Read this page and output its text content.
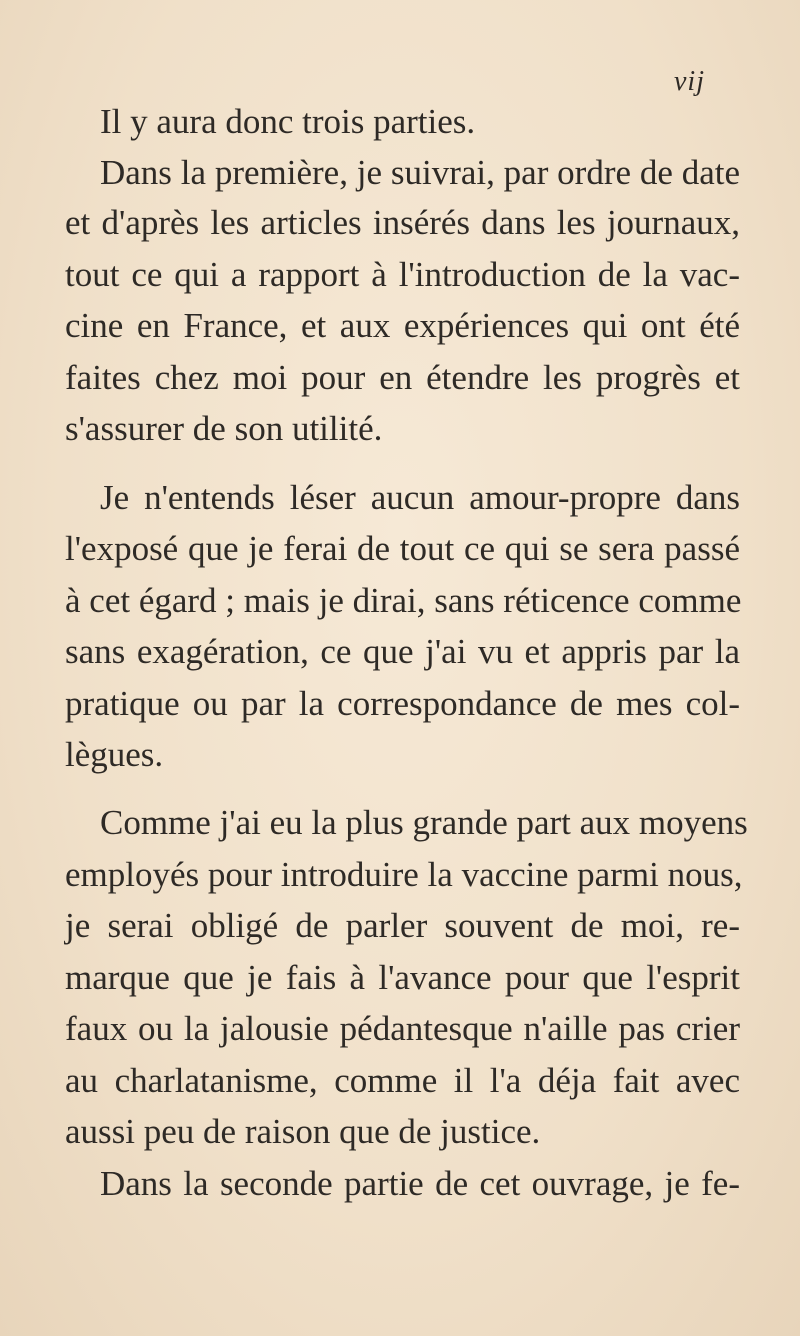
vij
Il y aura donc trois parties.
Dans la première, je suivrai, par ordre de date
et d'après les articles insérés dans les journaux,
tout ce qui a rapport à l'introduction de la vac-
cine en France, et aux expériences qui ont été
faites chez moi pour en étendre les progrès et
s'assurer de son utilité.
Je n'entends léser aucun amour-propre dans
l'exposé que je ferai de tout ce qui se sera passé
à cet égard ; mais je dirai, sans réticence comme
sans exagération, ce que j'ai vu et appris par la
pratique ou par la correspondance de mes col-
lègues.
Comme j'ai eu la plus grande part aux moyens
employés pour introduire la vaccine parmi nous,
je serai obligé de parler souvent de moi, re-
marque que je fais à l'avance pour que l'esprit
faux ou la jalousie pédantesque n'aille pas crier
au charlatanisme, comme il l'a déja fait avec
aussi peu de raison que de justice.
Dans la seconde partie de cet ouvrage, je fe-
